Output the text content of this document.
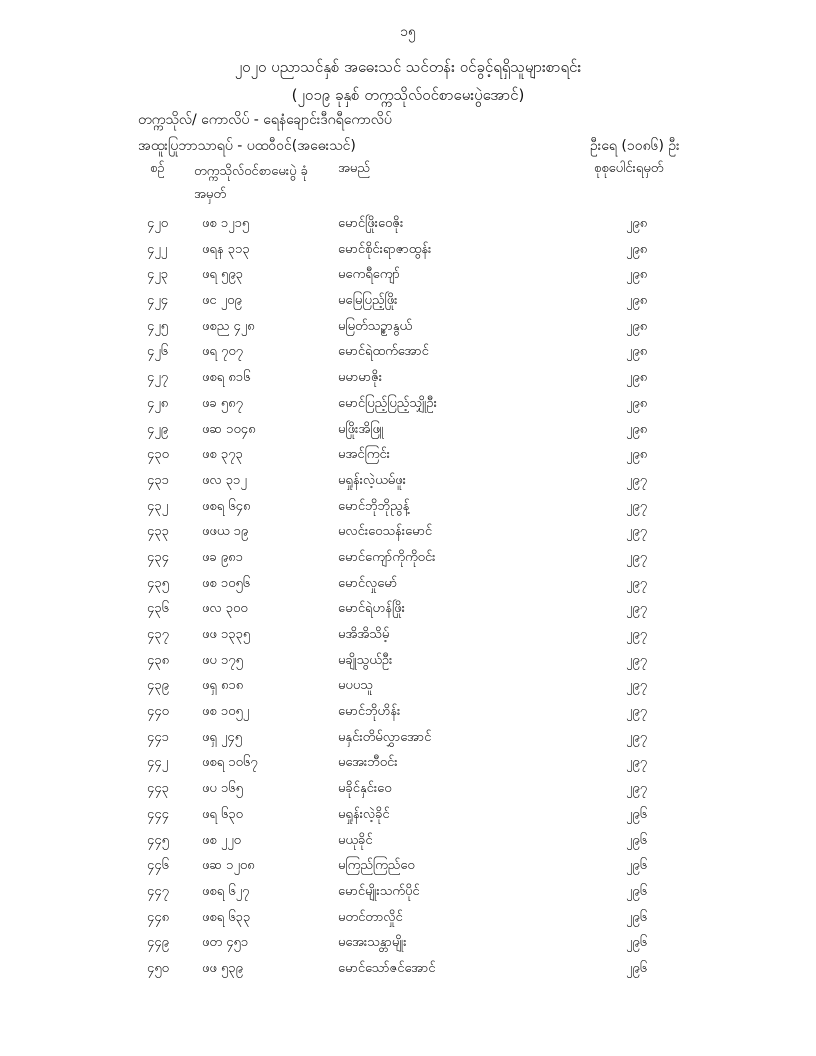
၁၅
၂၀၂၀ ပညာသင်နှစ် အဓေးသင် သင်တန်း ဝင်ခွင့်ရရှိသူများစာရင်း
(၂၀၁၉ ခုနှစ် တက္ကသိုလ်ဝင်စာမေးပွဲအောင်)
တက္ကသိုလ်/ ကောလိပ် - ရေနံချောင်းဒီဂရီကောလိပ်
အထူးပြုဘာသာရပ် - ပထဝီဝင်(အဓေးသင်)	ဦးရေ (၁၀၈၆) ဦး
စဉ် တက္ကသိုလ်ဝင်စာမေးပွဲ ခုံအမှတ်
အမည်	စုစုပေါင်းရမှတ်
၄၂၀	ဖစ ၁၂၁၅	မောင်ဖြိုးဝေဇိုး	၂၉၈
၄၂၂	ဖရန ၃၁၃	မောင်စိုင်းရာဇာထွန်း	၂၉၈
၄၂၃	ဖရ ၅၉၃	မကေရီကျော်	၂၉၈
၄၂၄	ဖင ၂၀၉	မမြေပြည့်ဖြိုး	၂၉၈
၄၂၅	ဖစည ၄၂၈	မမြတ်သဉ္စာနွယ်	၂၉၈
၄၂၆	ဖရ ၇၀၇	မောင်ရဲထက်အောင်	၂၉၈
၄၂၇	ဖစရ ၈၁၆	မမာမာဇိုး	၂၉၈
၄၂၈	ဖခ ၅၈၇	မောင်ပြည့်ပြည့်သျှိုဦး	၂၉၈
၄၂၉	ဖဆ ၁၀၄၈	မဖြိုးအိဖြူ	၂၉၈
၄၃၀	ဖစ ၃၇၃	မအင်ကြင်း	၂၉၈
၄၃၁	ဖလ ၃၁၂	မရှုန်းလဲ့ယမ်ဖူး	၂၉၇
၄၃၂	ဖစရ ၆၄၈	မောင်ဘိုဘိုညွန့်	၂၉၇
၄၃၃	ဖဖယ ၁၉	မလင်းဝေသန်းမောင်	၂၉၇
၄၃၄	ဖခ ၉၈၁	မောင်ကျော်ကိုကိုဝင်း	၂၉၇
၄၃၅	ဖစ ၁၀၅၆	မောင်လှုမော်	၂၉၇
၄၃၆	ဖလ ၃၀၀	မောင်ရဲဟန်ဖြိုး	၂၉၇
၄၃၇	ဖဖ ၁၃၃၅	မအိအိသိမ့်	၂၉၇
၄၃၈	ဖပ ၁၇၅	မချိုသွယ်ဦး	၂၉၇
၄၃၉	ဖရှ ၈၁၈	မပပသူ	၂၉၇
၄၄၀	ဖစ ၁၀၅၂	မောင်ဘိုဟိန်း	၂၉၇
၄၄၁	ဖရှ ၂၄၅	မနှင်းတိမ်လွှာအောင်	၂၉၇
၄၄၂	ဖစရ ၁၀၆၇	မအေးဘီဝင်း	၂၉၇
၄၄၃	ဖပ ၁၆၅	မခိုင်နှင်းဝေ	၂၉၇
၄၄၄	ဖရ ၆၃၀	မရှုန်းလဲ့ခိုင်	၂၉၆
၄၄၅	ဖစ ၂၂၀	မယုခိုင်	၂၉၆
၄၄၆	ဖဆ ၁၂၀၈	မကြည်ကြည်ဝေ	၂၉၆
၄၄၇	ဖစရ ၆၂၇	မောင်မျိုးသက်ပိုင်	၂၉၆
၄၄၈	ဖစရ ၆၃၃	မတင်တာလှိုင်	၂၉၆
၄၄၉	ဖတ ၄၅၁	မအေးသန္တာမျိုး	၂၉၆
၄၅၀	ဖဖ ၅၃၉	မောင်သော်ဇင်အောင်	၂၉၆
